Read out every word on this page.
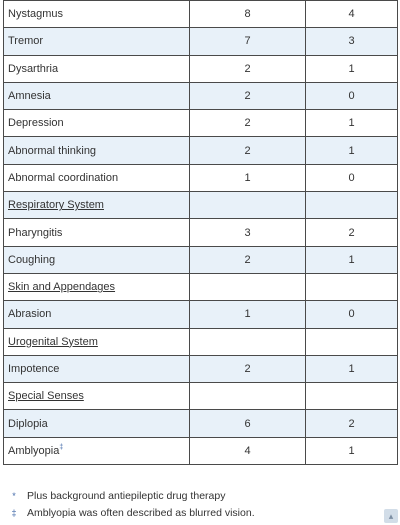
Nystagmus	8	4
Tremor	7	3
Dysarthria	2	1
Amnesia	2	0
Depression	2	1
Abnormal thinking	2	1
Abnormal coordination	1	0
Respiratory System		
Pharyngitis	3	2
Coughing	2	1
Skin and Appendages		
Abrasion	1	0
Urogenital System		
Impotence	2	1
Special Senses		
Diplopia	6	2
Amblyopia‡	4	1
*	Plus background antiepileptic drug therapy
‡	Amblyopia was often described as blurred vision.	▴
